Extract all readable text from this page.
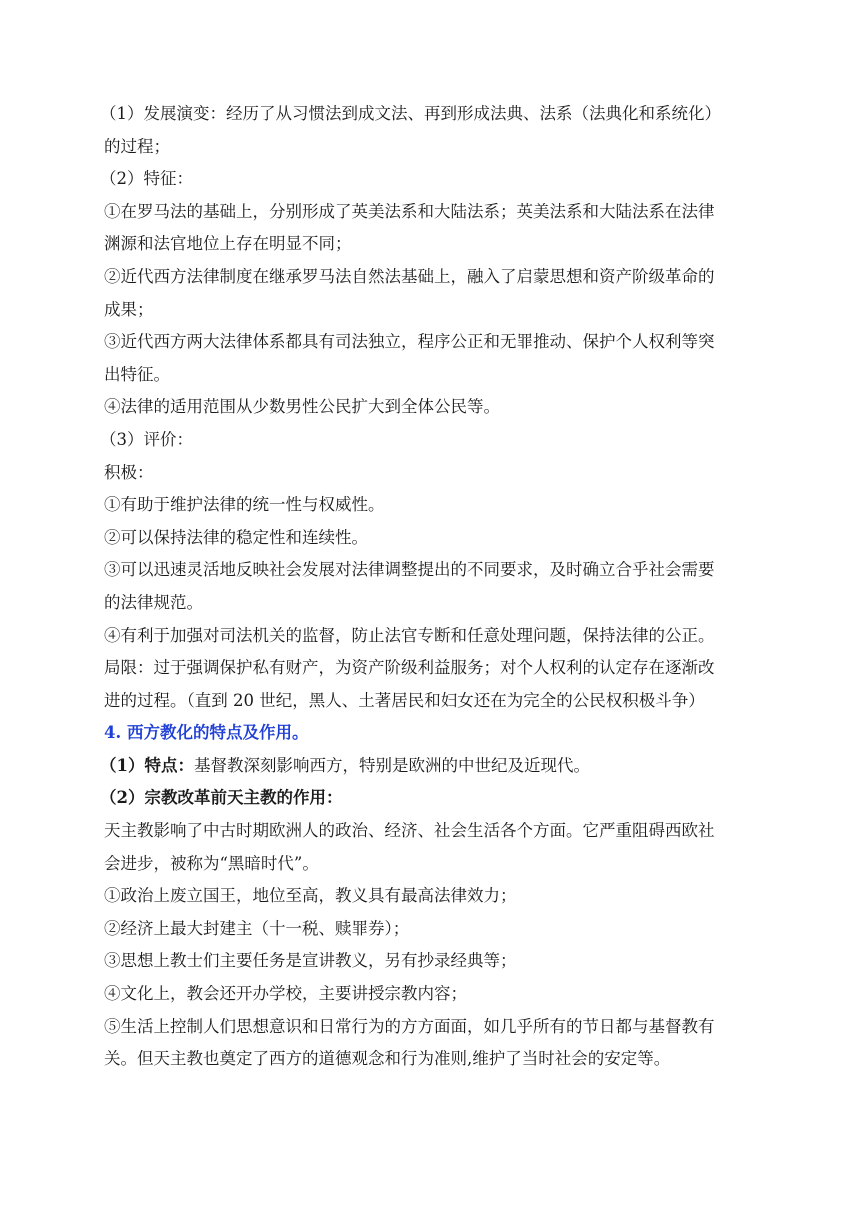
（1）发展演变：经历了从习惯法到成文法、再到形成法典、法系（法典化和系统化）
的过程；
（2）特征：
①在罗马法的基础上，分别形成了英美法系和大陆法系；英美法系和大陆法系在法律
渊源和法官地位上存在明显不同；
②近代西方法律制度在继承罗马法自然法基础上，融入了启蒙思想和资产阶级革命的
成果；
③近代西方两大法律体系都具有司法独立，程序公正和无罪推动、保护个人权利等突
出特征。
④法律的适用范围从少数男性公民扩大到全体公民等。
（3）评价：
积极：
①有助于维护法律的统一性与权威性。
②可以保持法律的稳定性和连续性。
③可以迅速灵活地反映社会发展对法律调整提出的不同要求，及时确立合乎社会需要
的法律规范。
④有利于加强对司法机关的监督，防止法官专断和任意处理问题，保持法律的公正。
局限：过于强调保护私有财产，为资产阶级利益服务；对个人权利的认定存在逐渐改
进的过程。（直到 20 世纪，黑人、土著居民和妇女还在为完全的公民权积极斗争）
4. 西方教化的特点及作用。
（1）特点：基督教深刻影响西方，特别是欧洲的中世纪及近现代。
（2）宗教改革前天主教的作用：
天主教影响了中古时期欧洲人的政治、经济、社会生活各个方面。它严重阻碍西欧社
会进步，被称为“黑暗时代”。
①政治上废立国王，地位至高，教义具有最高法律效力；
②经济上最大封建主（十一税、赎罪券）；
③思想上教士们主要任务是宣讲教义，另有抄录经典等；
④文化上，教会还开办学校，主要讲授宗教内容；
⑤生活上控制人们思想意识和日常行为的方方面面，如几乎所有的节日都与基督教有
关。但天主教也奠定了西方的道德观念和行为准则,维护了当时社会的安定等。
